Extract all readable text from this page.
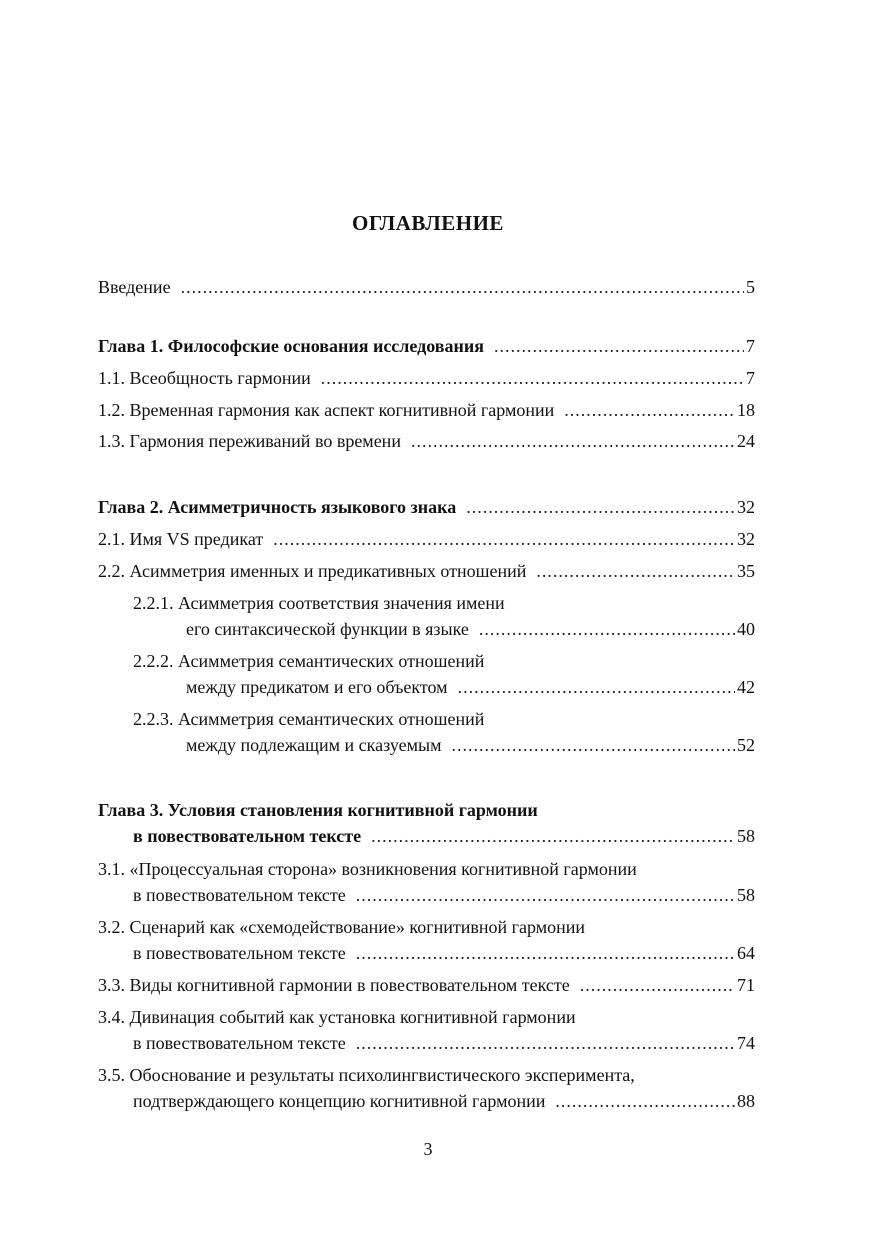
ОГЛАВЛЕНИЕ
Введение .....	5
Глава 1. Философские основания исследования .....	7
1.1. Всеобщность гармонии .....	7
1.2. Временная гармония как аспект когнитивной гармонии .....	18
1.3. Гармония переживаний во времени .....	24
Глава 2. Асимметричность языкового знака .....	32
2.1. Имя VS предикат .....	32
2.2. Асимметрия именных и предикативных отношений .....	35
2.2.1. Асимметрия соответствия значения имени
его синтаксической функции в языке .....	40
2.2.2. Асимметрия семантических отношений
между предикатом и его объектом .....	42
2.2.3. Асимметрия семантических отношений
между подлежащим и сказуемым .....	52
Глава 3. Условия становления когнитивной гармонии
в повествовательном тексте .....	58
3.1. «Процессуальная сторона» возникновения когнитивной гармонии
в повествовательном тексте .....	58
3.2. Сценарий как «схемодействование» когнитивной гармонии
в повествовательном тексте .....	64
3.3. Виды когнитивной гармонии в повествовательном тексте .....	71
3.4. Дивинация событий как установка когнитивной гармонии
в повествовательном тексте .....	74
3.5. Обоснование и результаты психолингвистического эксперимента,
подтверждающего концепцию когнитивной гармонии .....	88
3
